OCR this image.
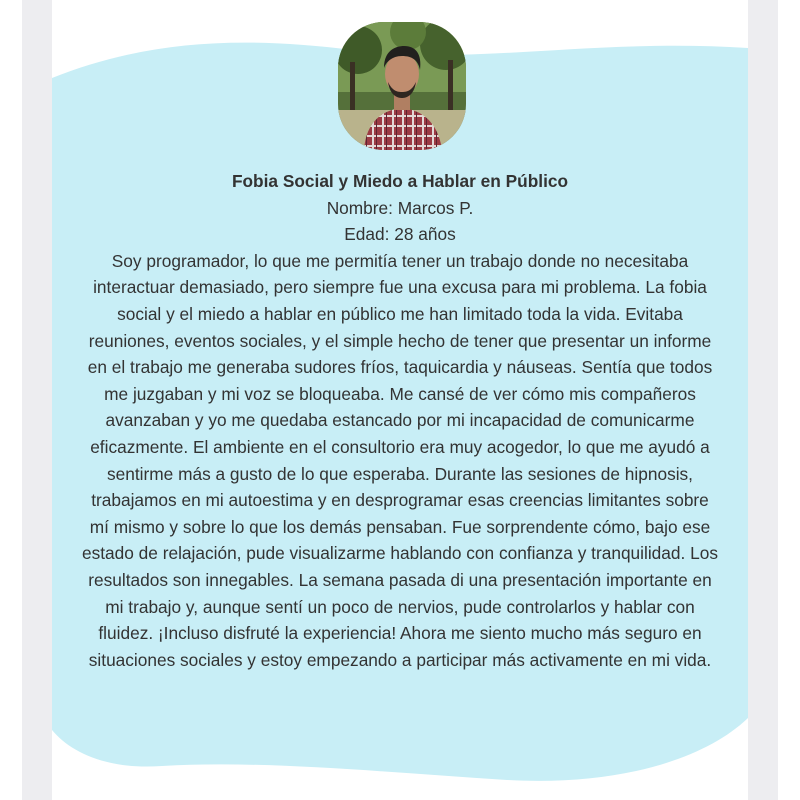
Fobia Social y Miedo a Hablar en Público

Nombre: Marcos P.

Edad: 28 años

Soy programador, lo que me permitía tener un trabajo donde no necesitaba interactuar demasiado, pero siempre fue una excusa para mi problema. La fobia social y el miedo a hablar en público me han limitado toda la vida. Evitaba reuniones, eventos sociales, y el simple hecho de tener que presentar un informe en el trabajo me generaba sudores fríos, taquicardia y náuseas. Sentía que todos me juzgaban y mi voz se bloqueaba. Me cansé de ver cómo mis compañeros avanzaban y yo me quedaba estancado por mi incapacidad de comunicarme eficazmente. El ambiente en el consultorio era muy acogedor, lo que me ayudó a sentirme más a gusto de lo que esperaba. Durante las sesiones de hipnosis, trabajamos en mi autoestima y en desprogramar esas creencias limitantes sobre mí mismo y sobre lo que los demás pensaban. Fue sorprendente cómo, bajo ese estado de relajación, pude visualizarme hablando con confianza y tranquilidad. Los resultados son innegables. La semana pasada di una presentación importante en mi trabajo y, aunque sentí un poco de nervios, pude controlarlos y hablar con fluidez. ¡Incluso disfruté la experiencia! Ahora me siento mucho más seguro en situaciones sociales y estoy empezando a participar más activamente en mi vida.
